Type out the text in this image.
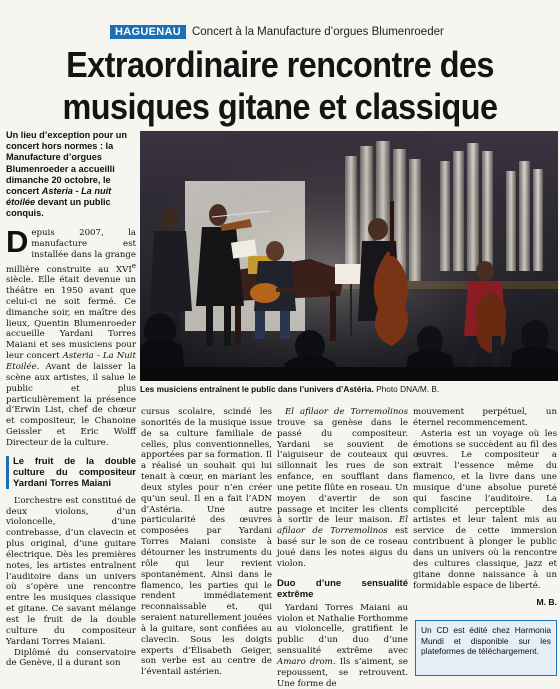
HAGUENAU Concert à la Manufacture d’orgues Blumenroeder
Extraordinaire rencontre des
musiques gitane et classique
Un lieu d’exception pour un concert hors normes : la Manufacture d’orgues Blumenroeder a accueilli dimanche 20 octobre, le concert Asteria - La nuit étoilée devant un public conquis.
Les musiciens entraînent le public dans l’univers d’Astéria. Photo DNA/M. B.

Depuis 2007, la manufacture est installée dans la grange millière construite au XVIe siècle. Elle était devenue un théâtre en 1950 avant que celui-ci ne soit fermé. Ce dimanche soir, en maître des lieux, Quentin Blumenroeder accueille Yardani Torres Maiani et ses musiciens pour leur concert Asteria - La Nuit Etoilée. Avant de laisser la scène aux artistes, il salue le public et plus particulièrement la présence d’Erwin List, chef de chœur et compositeur, le Chanoine Geissler et Eric Wolff Directeur de la culture.

Le fruit de la double culture du compositeur Yardani Torres Maiani

L’orchestre est constitué de deux violons, d’un violoncelle, d’une contrebasse, d’un clavecin et plus original, d’une guitare électrique. Dès les premières notes, les artistes entraînent l’auditoire dans un univers où s’opère une rencontre entre les musiques classique et gitane. Ce savant mélange est le fruit de la double culture du compositeur Yardani Torres Maiani.

Diplômé du conservatoire de Genève, il a durant son

cursus scolaire, scindé les sonorités de la musique issue de sa culture familiale de celles, plus conventionnelles, apportées par sa formation. Il a réalisé un souhait qui lui tenait à cœur, en mariant les deux styles pour n’en créer qu’un seul. Il en a fait l’ADN d’Astéria. Une autre particularité des œuvres composées par Yardani Torres Maiani consiste à détourner les instruments du rôle qui leur revient spontanément. Ainsi dans le flamenco, les parties qui le rendent immédiatement reconnaissable et, qui seraient naturellement jouées à la guitare, sont confiées au clavecin. Sous les doigts experts d’Élisabeth Geiger, son verbe est au centre de l’éventail astérien.

El afilaor de Torremolinos trouve sa genèse dans le passé du compositeur. Yardani se souvient de l’aiguiseur de couteaux qui sillonnait les rues de son enfance, en soufflant dans une petite flûte en roseau. Un moyen d’avertir de son passage et inciter les clients à sortir de leur maison. El afilaor de Torremolinos est basé sur le son de ce roseau joué dans les notes aigus du violon.

Duo d’une sensualité extrême

Yardani Torres Maiani au violon et Nathalie Forthomme au violoncelle, gratifient le public d’un duo d’une sensualité extrême avec Amaro drom. Ils s’aiment, se repoussent, se retrouvent. Une forme de

mouvement perpétuel, un éternel recommencement.

Asteria est un voyage où les émotions se succèdent au fil des œuvres. Le compositeur a extrait l’essence même du flamenco, et la livre dans une musique d’une absolue pureté qui fascine l’auditoire. La complicité perceptible des artistes et leur talent mis au service de cette immersion contribuent à plonger le public dans un univers où la rencontre des cultures classique, jazz et gitane donne naissance à un formidable espace de liberté.

M. B.
Un CD est édité chez Harmonia Mundi et disponible sur les plateformes de téléchargement.
